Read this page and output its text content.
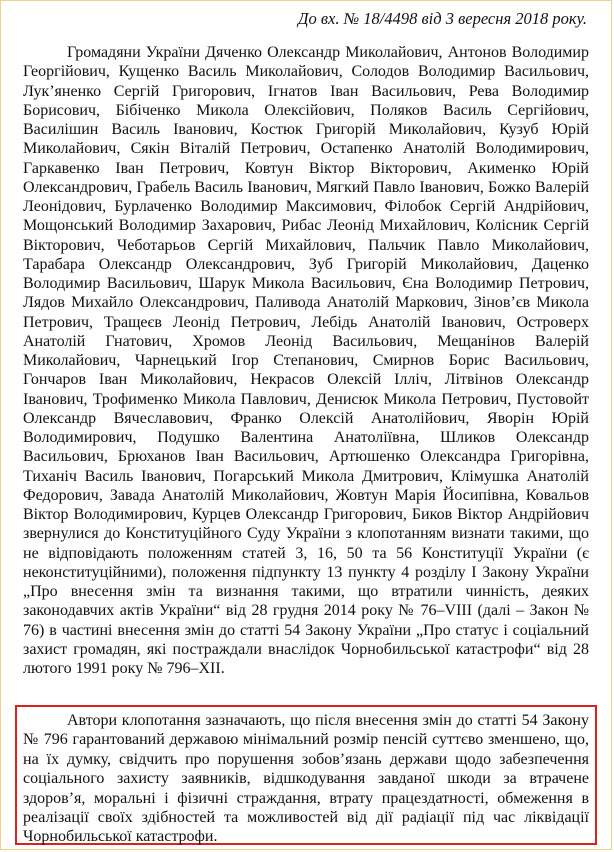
До вх. № 18/4498 від 3 вересня 2018 року.

Громадяни України Дяченко Олександр Миколайович, Антонов Володимир Георгійович, Кущенко Василь Миколайович, Солодов Володимир Васильович, Лук’яненко Сергій Григорович, Ігнатов Іван Васильович, Рева Володимир Борисович, Бібіченко Микола Олексійович, Поляков Василь Сергійович, Василішин Василь Іванович, Костюк Григорій Миколайович, Кузуб Юрій Миколайович, Сякін Віталій Петрович, Остапенко Анатолій Володимирович, Гаркавенко Іван Петрович, Ковтун Віктор Вікторович, Акименко Юрій Олександрович, Грабель Василь Іванович, Мягкий Павло Іванович, Божко Валерій Леонідович, Бурлаченко Володимир Максимович, Філобок Сергій Андрійович, Мощонський Володимир Захарович, Рибас Леонід Михайлович, Колісник Сергій Вікторович, Чеботарьов Сергій Михайлович, Пальчик Павло Миколайович, Тарабара Олександр Олександрович, Зуб Григорій Миколайович, Даценко Володимир Васильович, Шарук Микола Васильович, Єна Володимир Петрович, Лядов Михайло Олександрович, Паливода Анатолій Маркович, Зінов’єв Микола Петрович, Тращеєв Леонід Петрович, Лебідь Анатолій Іванович, Островерх Анатолій Гнатович, Хромов Леонід Васильович, Мещанінов Валерій Миколайович, Чарнецький Ігор Степанович, Смирнов Борис Васильович, Гончаров Іван Миколайович, Некрасов Олексій Ілліч, Літвінов Олександр Іванович, Трофименко Микола Павлович, Денисюк Микола Петрович, Пустовойт Олександр Вячеславович, Франко Олексій Анатолійович, Яворін Юрій Володимирович, Подушко Валентина Анатоліївна, Шликов Олександр Васильович, Брюханов Іван Васильович, Артюшенко Олександра Григорівна, Тиханіч Василь Іванович, Погарський Микола Дмитрович, Клімушка Анатолій Федорович, Завада Анатолій Миколайович, Жовтун Марія Йосипівна, Ковальов Віктор Володимирович, Курцев Олександр Григорович, Биков Віктор Андрійович звернулися до Конституційного Суду України з клопотанням визнати такими, що не відповідають положенням статей 3, 16, 50 та 56 Конституції України (є неконституційними), положення підпункту 13 пункту 4 розділу І Закону України „Про внесення змін та визнання такими, що втратили чинність, деяких законодавчих актів України“ від 28 грудня 2014 року № 76–VIII (далі – Закон № 76) в частині внесення змін до статті 54 Закону України „Про статус і соціальний захист громадян, які постраждали внаслідок Чорнобильської катастрофи“ від 28 лютого 1991 року № 796–XII.

Автори клопотання зазначають, що після внесення змін до статті 54 Закону № 796 гарантований державою мінімальний розмір пенсій суттєво зменшено, що, на їх думку, свідчить про порушення зобов’язань держави щодо забезпечення соціального захисту заявників, відшкодування завданої шкоди за втрачене здоров’я, моральні і фізичні страждання, втрату працездатності, обмеження в реалізації своїх здібностей та можливостей від дії радіації під час ліквідації Чорнобильської катастрофи.
